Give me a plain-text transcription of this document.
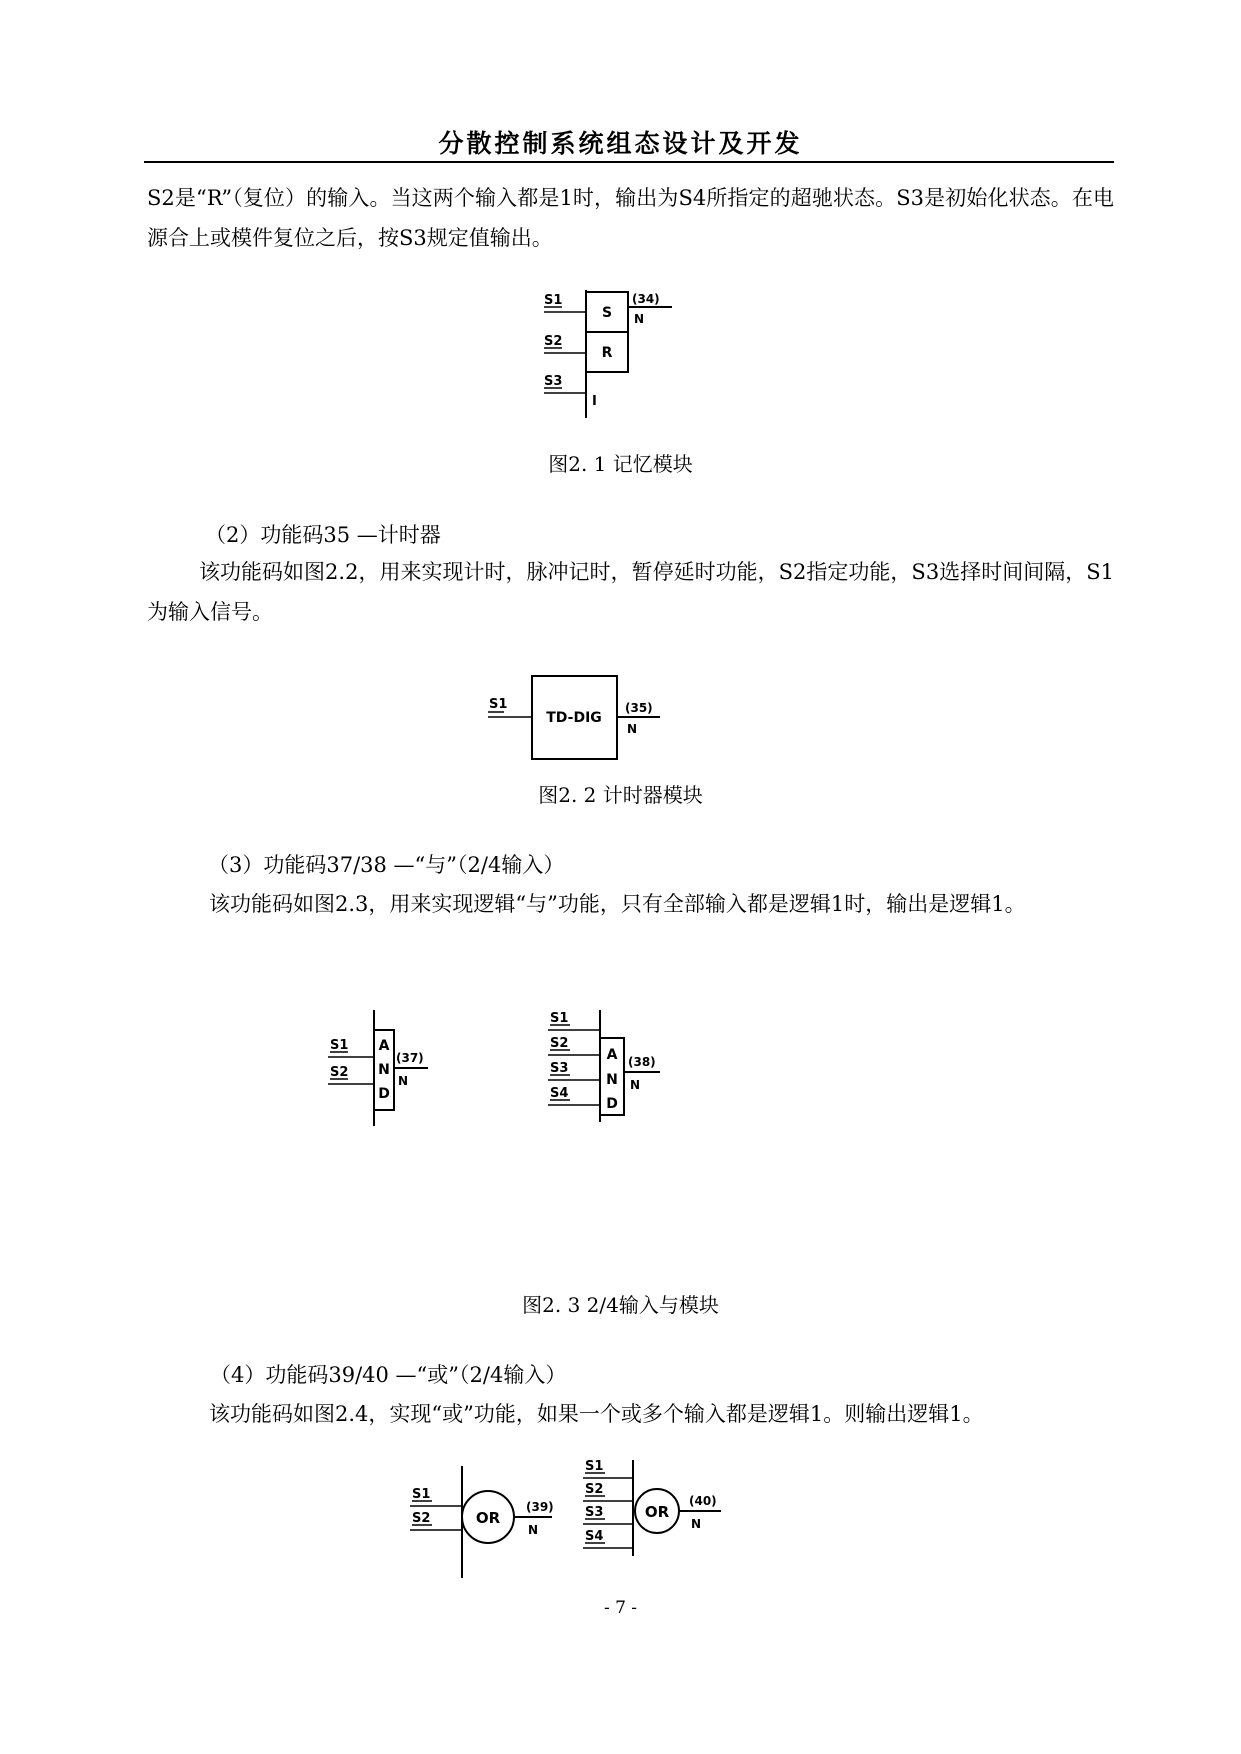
分散控制系统组态设计及开发
S2是“R”（复位）的输入。当这两个输入都是1时，输出为S4所指定的超驰状态。S3是初始化状态。在电源合上或模件复位之后，按S3规定值输出。
S1
S2
S3
S
R
I
(34)
N
图2. 1 记忆模块
（2）功能码35 —计时器
该功能码如图2.2，用来实现计时，脉冲记时，暂停延时功能，S2指定功能，S3选择时间间隔，S1为输入信号。
S1
TD-DIG
(35)
N
图2. 2 计时器模块
（3）功能码37/38 —“与”（2/4输入）
该功能码如图2.3，用来实现逻辑“与”功能，只有全部输入都是逻辑1时，输出是逻辑1。
S1
S2
A
N
D
(37)
N
S1
S2
S3
S4
A
N
D
(38)
N
图2. 3 2/4输入与模块
（4）功能码39/40 —“或”（2/4输入）
该功能码如图2.4，实现“或”功能，如果一个或多个输入都是逻辑1。则输出逻辑1。
S1
S2	OR
(39)
N
S1
S2
S3
S4
OR
(40)
N
- 7 -
